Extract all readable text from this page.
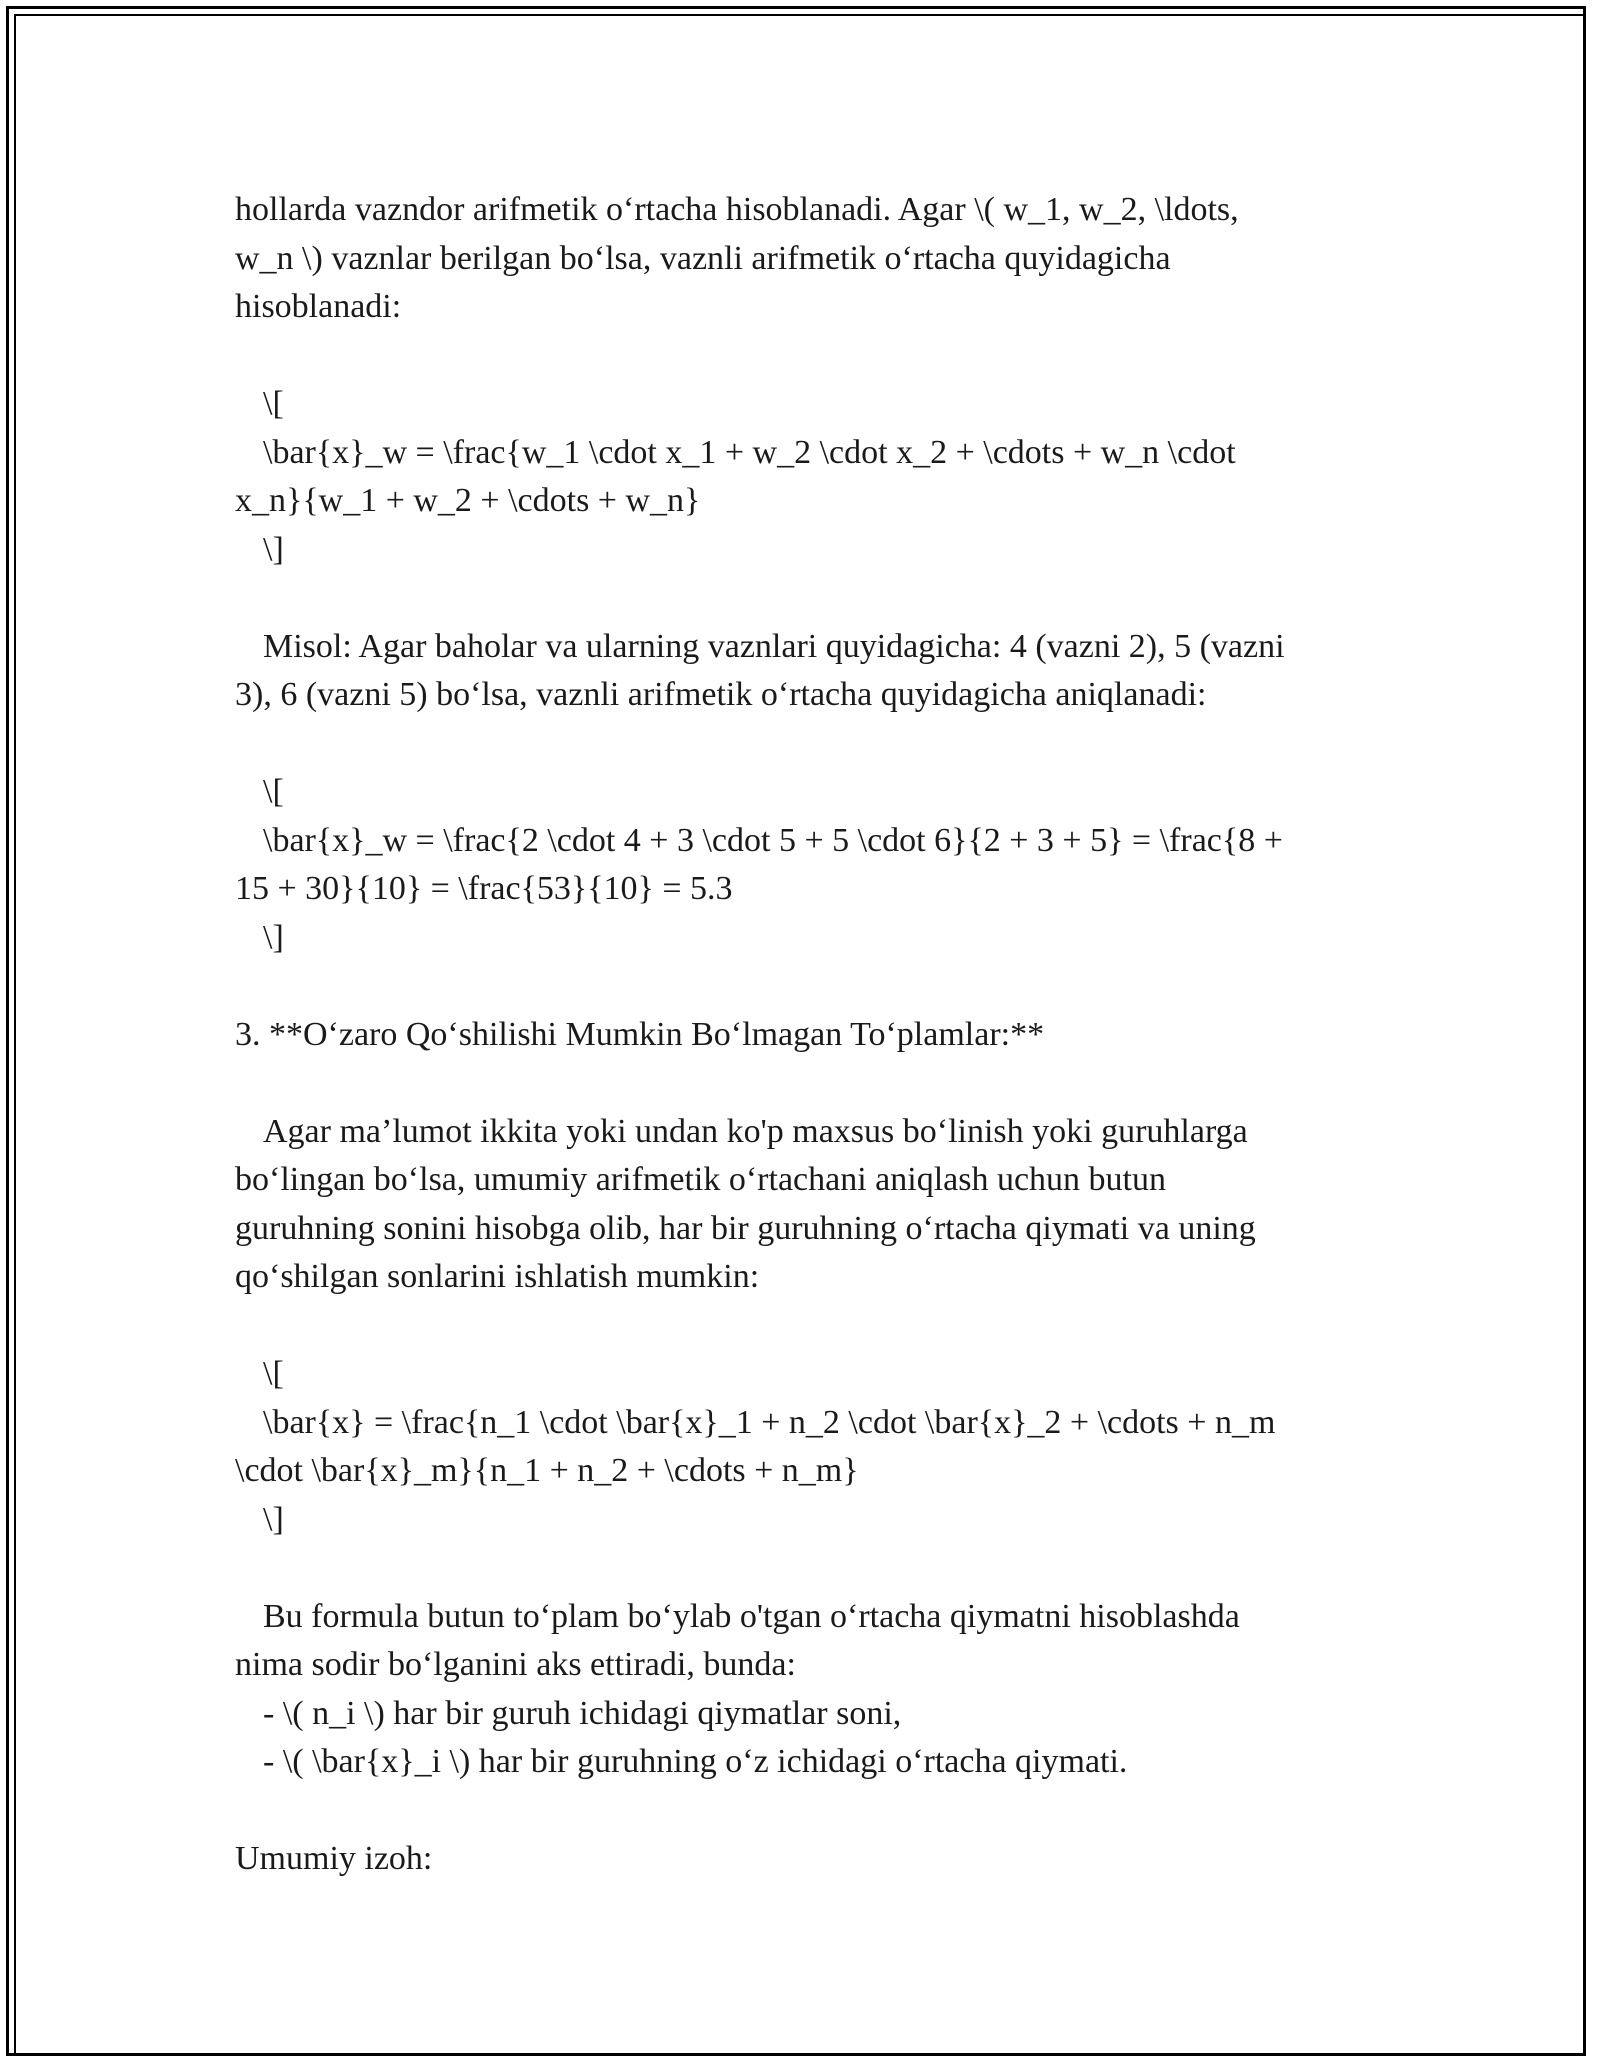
hollarda vazndor arifmetik o‘rtacha hisoblanadi. Agar \( w_1, w_2, \ldots,
w_n \) vaznlar berilgan bo‘lsa, vaznli arifmetik o‘rtacha quyidagicha
hisoblanadi:
\[
\bar{x}_w = \frac{w_1 \cdot x_1 + w_2 \cdot x_2 + \cdots + w_n \cdot
x_n}{w_1 + w_2 + \cdots + w_n}
\]
Misol: Agar baholar va ularning vaznlari quyidagicha: 4 (vazni 2), 5 (vazni
3), 6 (vazni 5) bo‘lsa, vaznli arifmetik o‘rtacha quyidagicha aniqlanadi:
\[
\bar{x}_w = \frac{2 \cdot 4 + 3 \cdot 5 + 5 \cdot 6}{2 + 3 + 5} = \frac{8 +
15 + 30}{10} = \frac{53}{10} = 5.3
\]
3. **O‘zaro Qo‘shilishi Mumkin Bo‘lmagan To‘plamlar:**
Agar ma’lumot ikkita yoki undan ko'p maxsus bo‘linish yoki guruhlarga
bo‘lingan bo‘lsa, umumiy arifmetik o‘rtachani aniqlash uchun butun
guruhning sonini hisobga olib, har bir guruhning o‘rtacha qiymati va uning
qo‘shilgan sonlarini ishlatish mumkin:
\[
\bar{x} = \frac{n_1 \cdot \bar{x}_1 + n_2 \cdot \bar{x}_2 + \cdots + n_m
\cdot \bar{x}_m}{n_1 + n_2 + \cdots + n_m}
\]
Bu formula butun to‘plam bo‘ylab o'tgan o‘rtacha qiymatni hisoblashda
nima sodir bo‘lganini aks ettiradi, bunda:
- \( n_i \) har bir guruh ichidagi qiymatlar soni,
- \( \bar{x}_i \) har bir guruhning o‘z ichidagi o‘rtacha qiymati.
Umumiy izoh:
